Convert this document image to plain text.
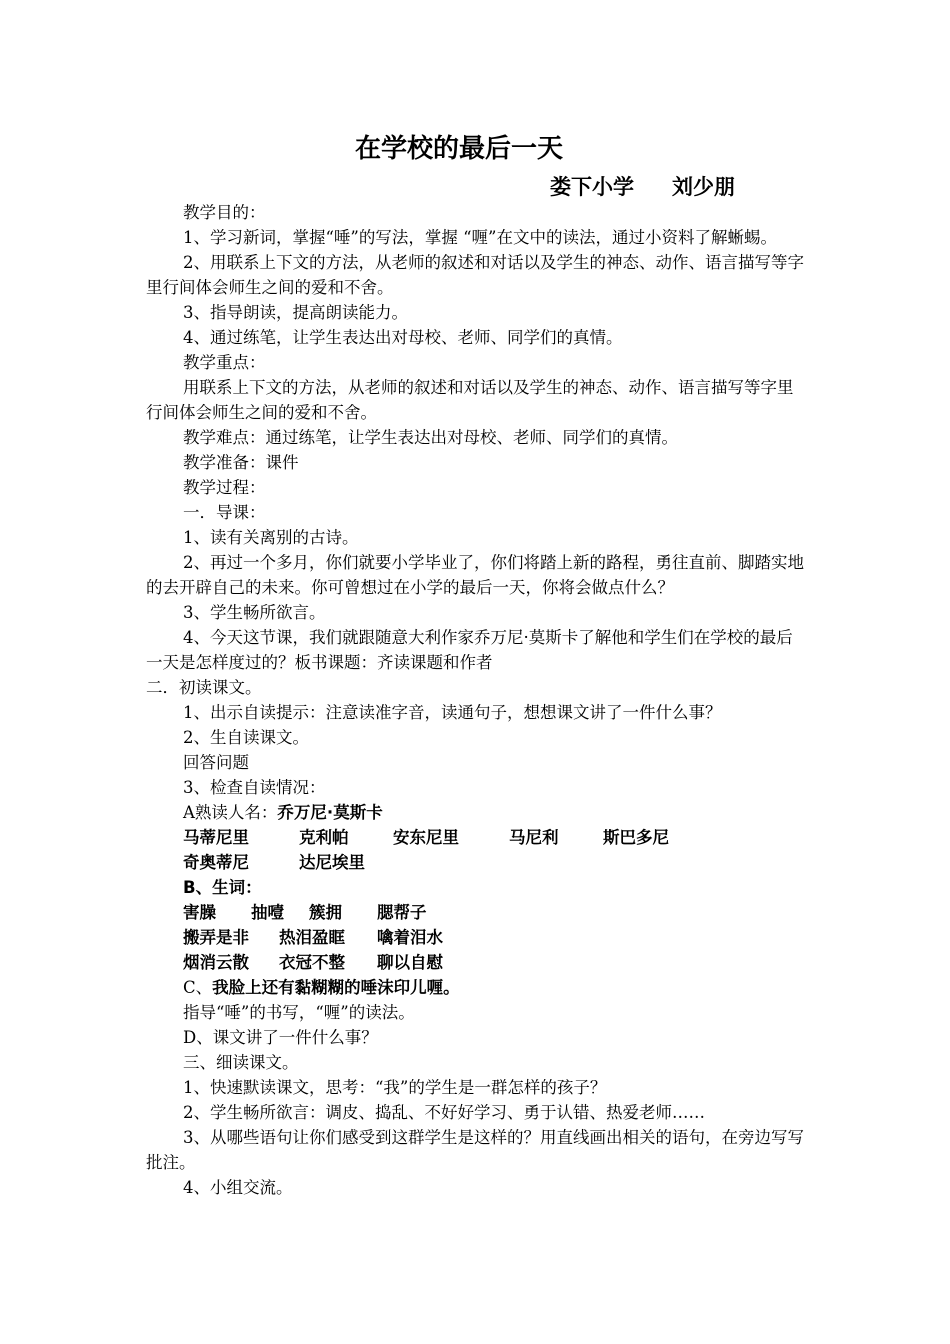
在学校的最后一天
娄下小学 刘少朋

教学目的：

1、学习新词，掌握“唾”的写法，掌握 “喱”在文中的读法，通过小资料了解蜥蜴。

2、用联系上下文的方法，从老师的叙述和对话以及学生的神态、动作、语言描写等字里行间体会师生之间的爱和不舍。

3、指导朗读，提高朗读能力。

4、通过练笔，让学生表达出对母校、老师、同学们的真情。

教学重点：

用联系上下文的方法，从老师的叙述和对话以及学生的神态、动作、语言描写等字里行间体会师生之间的爱和不舍。

教学难点：通过练笔，让学生表达出对母校、老师、同学们的真情。

教学准备：课件

教学过程：

一．导课：

1、读有关离别的古诗。

2、再过一个多月，你们就要小学毕业了，你们将踏上新的路程，勇往直前、脚踏实地的去开辟自己的未来。你可曾想过在小学的最后一天，你将会做点什么？

3、学生畅所欲言。

4、今天这节课，我们就跟随意大利作家乔万尼·莫斯卡了解他和学生们在学校的最后一天是怎样度过的？板书课题：齐读课题和作者

二．初读课文。

1、出示自读提示：注意读准字音，读通句子，想想课文讲了一件什么事？

2、生自读课文。

回答问题

3、检查自读情况：

A熟读人名：乔万尼·莫斯卡

马蒂尼里	克利帕	安东尼里	马尼利	斯巴多尼
奇奥蒂尼	达尼埃里

B、生词：

害臊 抽噎 簇拥 腮帮子
搬弄是非 热泪盈眶 噙着泪水
烟消云散 衣冠不整 聊以自慰

C、我脸上还有黏糊糊的唾沫印儿喱。

指导“唾”的书写，“喱”的读法。

D、课文讲了一件什么事？

三、细读课文。

1、快速默读课文，思考：“我”的学生是一群怎样的孩子？

2、学生畅所欲言：调皮、捣乱、不好好学习、勇于认错、热爱老师……

3、从哪些语句让你们感受到这群学生是这样的？用直线画出相关的语句，在旁边写写批注。

4、小组交流。
